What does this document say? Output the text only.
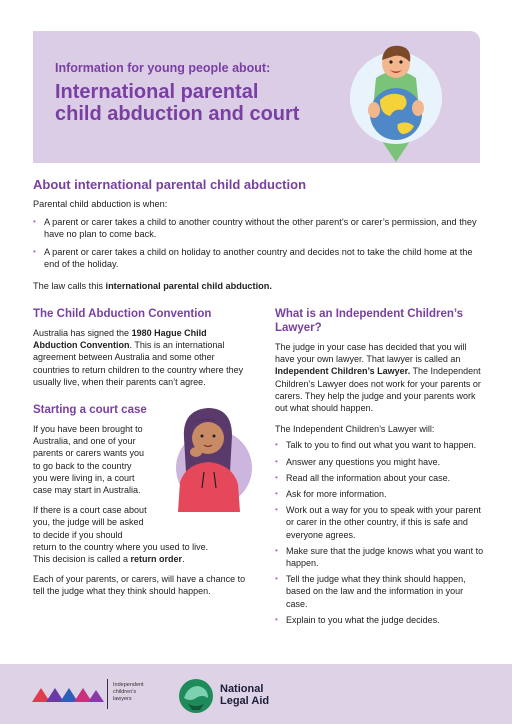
Information for young people about:
International parental
child abduction and court
About international parental child abduction

Parental child abduction is when:

• A parent or carer takes a child to another country without the other parent’s or carer’s permission, and they have no plan to come back.
• A parent or carer takes a child on holiday to another country and decides not to take the child home at the end of the holiday.

The law calls this international parental child abduction.

The Child Abduction Convention

Australia has signed the 1980 Hague Child Abduction Convention. This is an international agreement between Australia and some other countries to return children to the country where they usually live, when their parents can’t agree.

Starting a court case

If you have been brought to
Australia, and one of your
parents or carers wants you
to go back to the country
you were living in, a court
case may start in Australia.

If there is a court case about
you, the judge will be asked
to decide if you should
return to the country where you used to live.
This decision is called a return order.

Each of your parents, or carers, will have a chance to tell the judge what they think should happen.

What is an Independent Children’s
Lawyer?

The judge in your case has decided that you will have your own lawyer. That lawyer is called an Independent Children’s Lawyer. The Independent Children’s Lawyer does not work for your parents or carers. They help the judge and your parents work out what should happen.

The Independent Children’s Lawyer will:

• Talk to you to find out what you want to happen.
• Answer any questions you might have.
• Read all the information about your case.
• Ask for more information.
• Work out a way for you to speak with your parent or carer in the other country, if this is safe and everyone agrees.
• Make sure that the judge knows what you want to happen.
• Tell the judge what they think should happen, based on the law and the information in your case.
• Explain to you what the judge decides.
Independent
children’s
lawyers
National
Legal Aid
